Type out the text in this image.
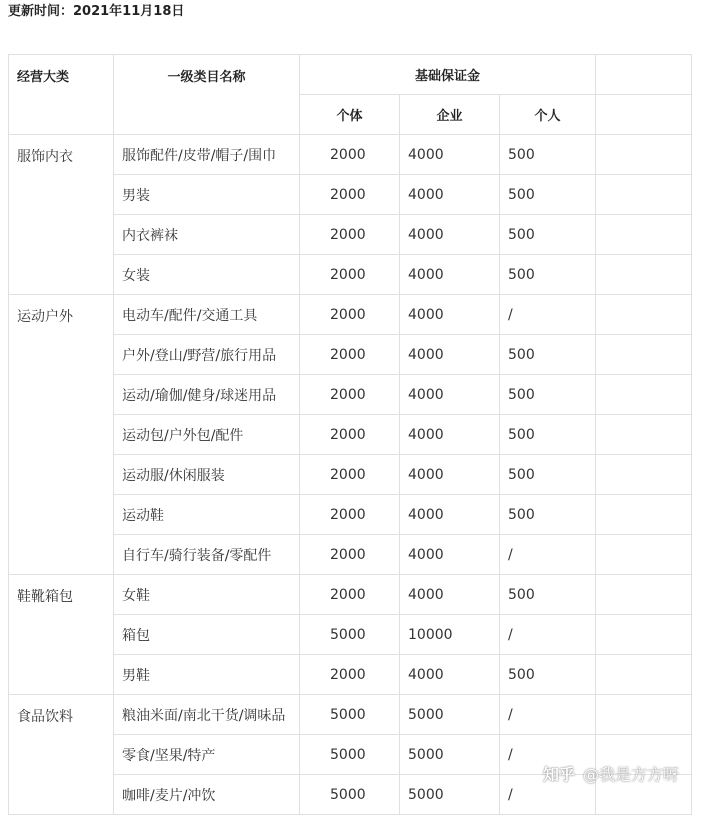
更新时间：2021年11月18日
经营大类	一级类目名称	基础保证金			
		个体	企业	个人	
服饰内衣	服饰配件/皮带/帽子/围巾	2000	4000	500	
	男装	2000	4000	500	
	内衣裤袜	2000	4000	500	
	女装	2000	4000	500	
运动户外	电动车/配件/交通工具	2000	4000	/	
	户外/登山/野营/旅行用品	2000	4000	500	
	运动/瑜伽/健身/球迷用品	2000	4000	500	
	运动包/户外包/配件	2000	4000	500	
	运动服/休闲服装	2000	4000	500	
	运动鞋	2000	4000	500	
	自行车/骑行装备/零配件	2000	4000	/	
鞋靴箱包	女鞋	2000	4000	500	
	箱包	5000	10000	/	
	男鞋	2000	4000	500	
食品饮料	粮油米面/南北干货/调味品	5000	5000	/	
	零食/坚果/特产	5000	5000	/	
	咖啡/麦片/冲饮	5000	5000	/	
知乎 @我是方方呀
